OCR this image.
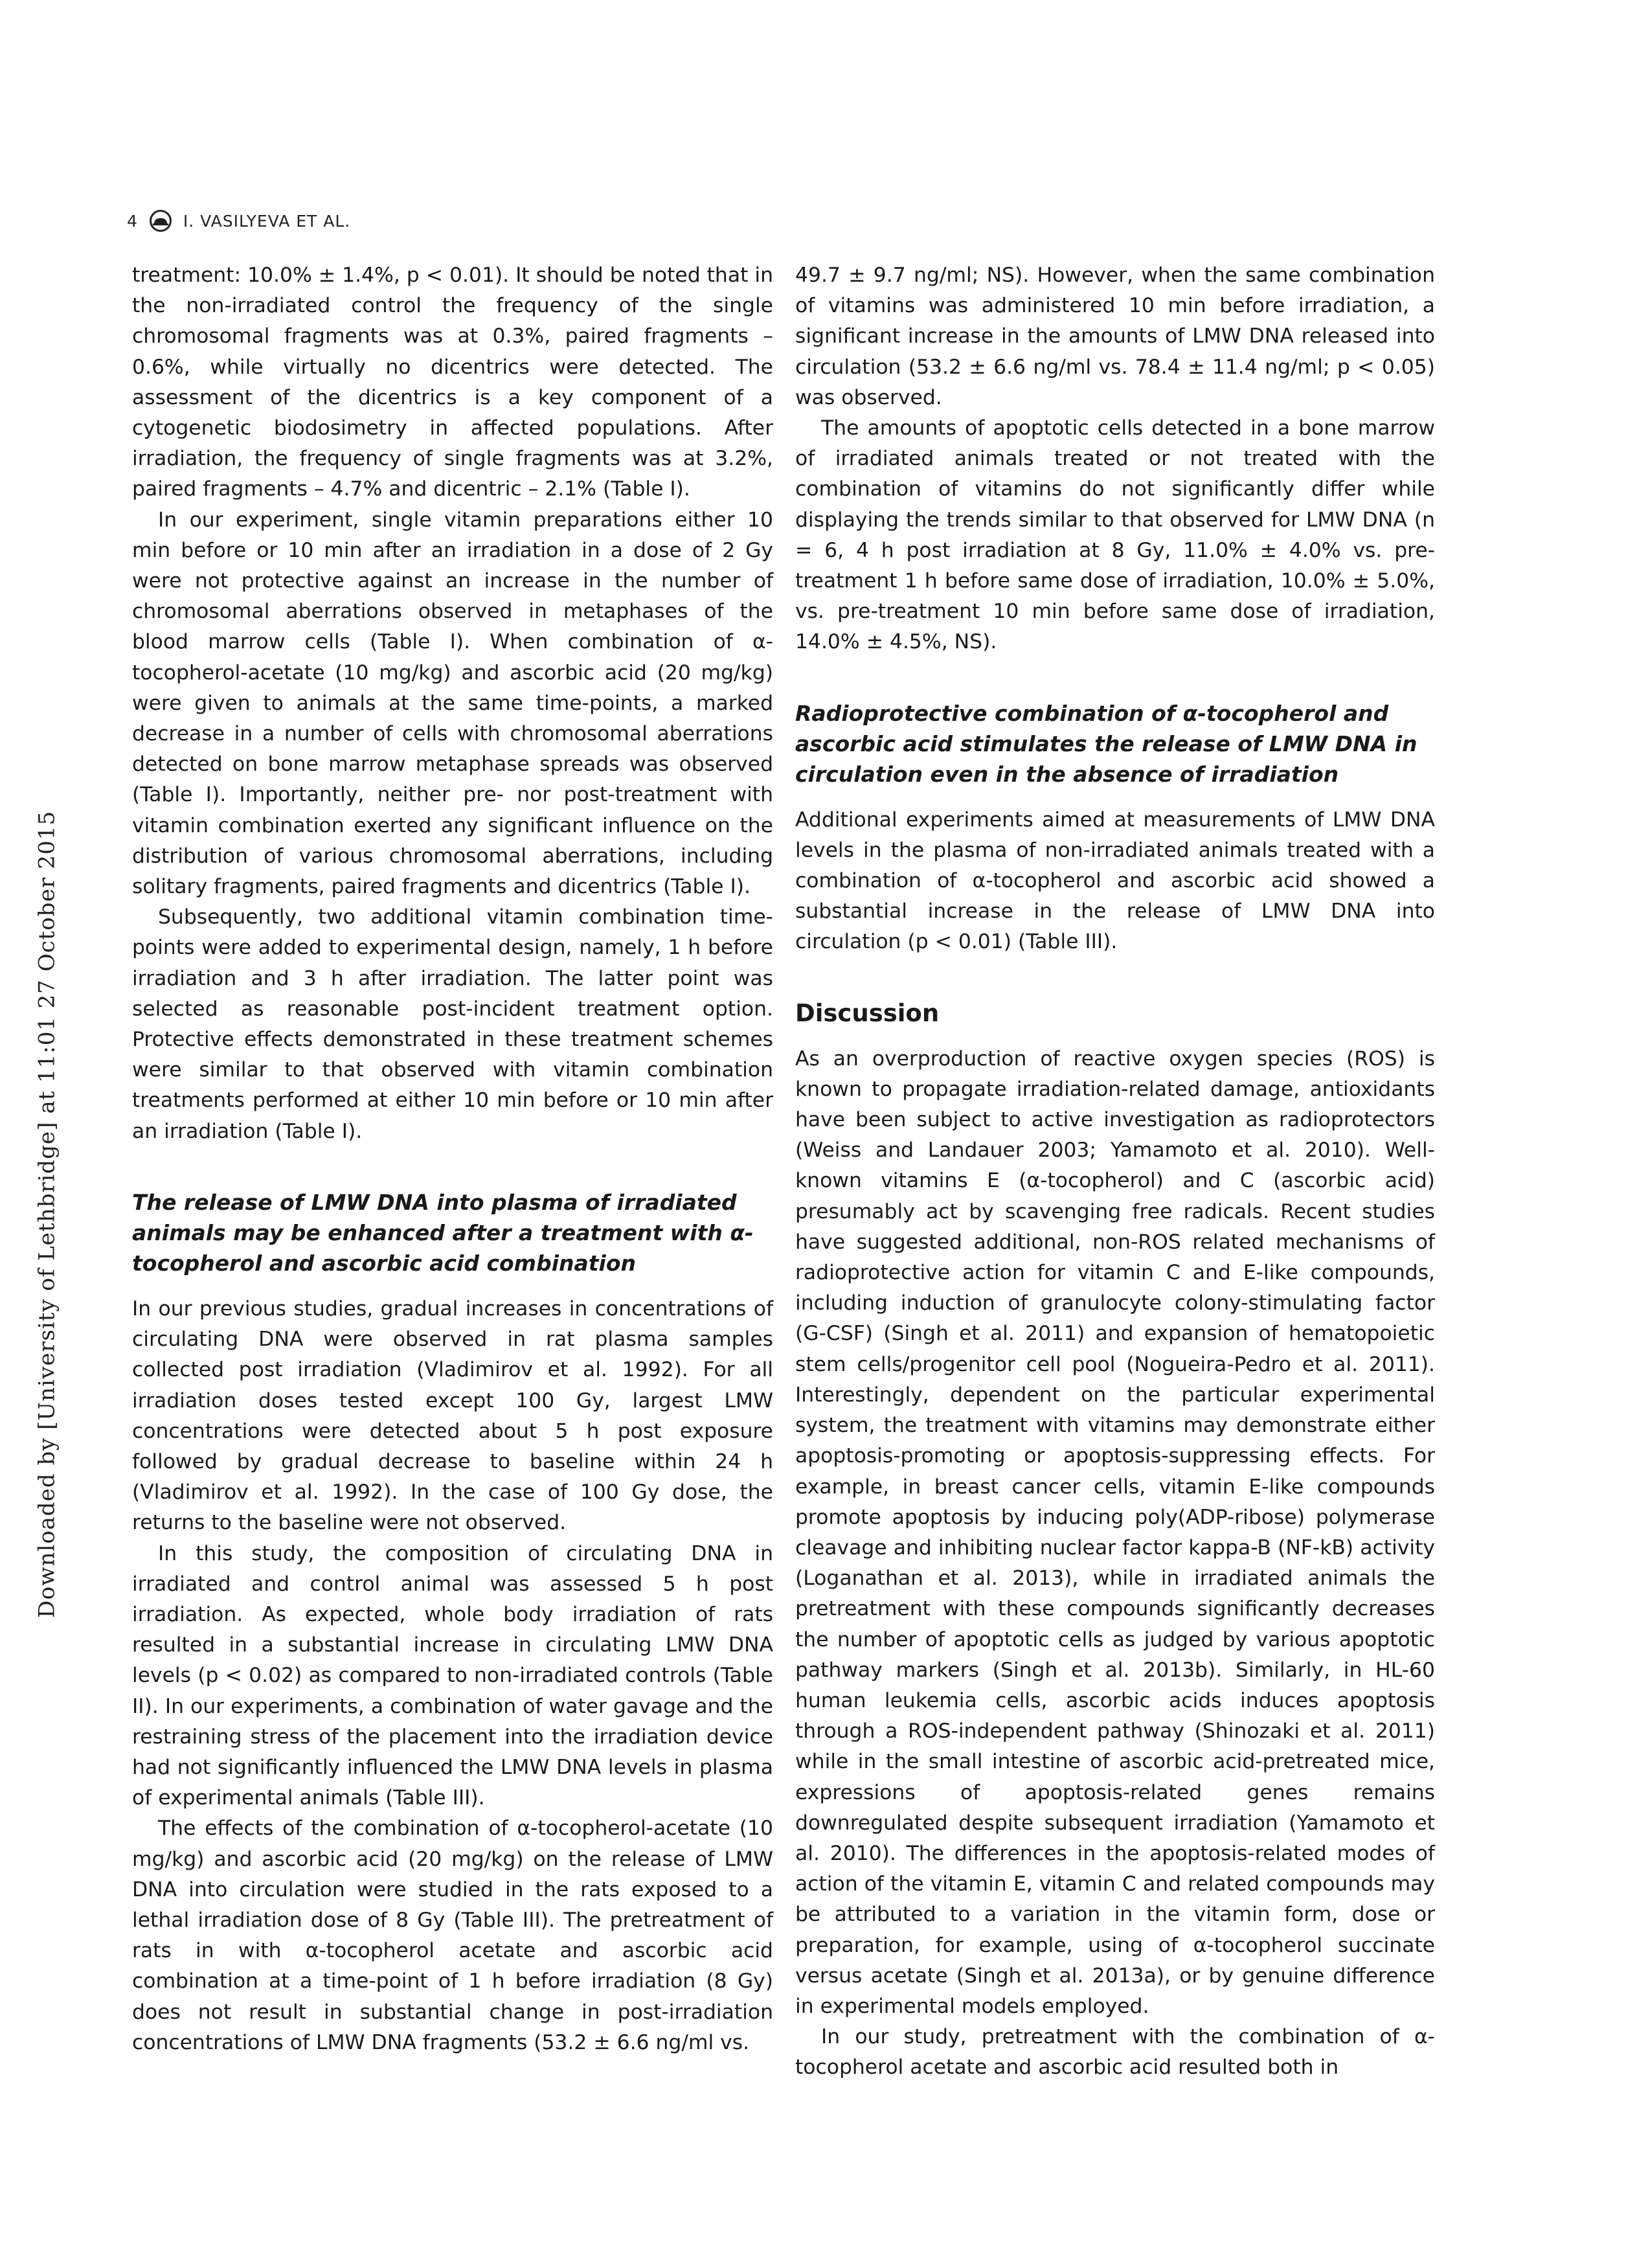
4	I. VASILYEVA ET AL.
Downloaded by [University of Lethbridge] at 11:01 27 October 2015

treatment: 10.0% ± 1.4%, p < 0.01). It should be noted that in the non-irradiated control the frequency of the single chromosomal fragments was at 0.3%, paired fragments – 0.6%, while virtually no dicentrics were detected. The assessment of the dicentrics is a key component of a cytogenetic biodosimetry in affected populations. After irradiation, the frequency of single fragments was at 3.2%, paired fragments – 4.7% and dicentric – 2.1% (Table I).

In our experiment, single vitamin preparations either 10 min before or 10 min after an irradiation in a dose of 2 Gy were not protective against an increase in the number of chromosomal aberrations observed in metaphases of the blood marrow cells (Table I). When combination of α-tocopherol-acetate (10 mg/kg) and ascorbic acid (20 mg/kg) were given to animals at the same time-points, a marked decrease in a number of cells with chromosomal aberrations detected on bone marrow metaphase spreads was observed (Table I). Importantly, neither pre- nor post-treatment with vitamin combination exerted any significant influence on the distribution of various chromosomal aberrations, including solitary fragments, paired fragments and dicentrics (Table I).

Subsequently, two additional vitamin combination time-points were added to experimental design, namely, 1 h before irradiation and 3 h after irradiation. The latter point was selected as reasonable post-incident treatment option. Protective effects demonstrated in these treatment schemes were similar to that observed with vitamin combination treatments performed at either 10 min before or 10 min after an irradiation (Table I).

The release of LMW DNA into plasma of irradiated animals may be enhanced after a treatment with α-tocopherol and ascorbic acid combination

In our previous studies, gradual increases in concentrations of circulating DNA were observed in rat plasma samples collected post irradiation (Vladimirov et al. 1992). For all irradiation doses tested except 100 Gy, largest LMW concentrations were detected about 5 h post exposure followed by gradual decrease to baseline within 24 h (Vladimirov et al. 1992). In the case of 100 Gy dose, the returns to the baseline were not observed.

In this study, the composition of circulating DNA in irradiated and control animal was assessed 5 h post irradiation. As expected, whole body irradiation of rats resulted in a substantial increase in circulating LMW DNA levels (p < 0.02) as compared to non-irradiated controls (Table II). In our experiments, a combination of water gavage and the restraining stress of the placement into the irradiation device had not significantly influenced the LMW DNA levels in plasma of experimental animals (Table III).

The effects of the combination of α-tocopherol-acetate (10 mg/kg) and ascorbic acid (20 mg/kg) on the release of LMW DNA into circulation were studied in the rats exposed to a lethal irradiation dose of 8 Gy (Table III). The pretreatment of rats in with α-tocopherol acetate and ascorbic acid combination at a time-point of 1 h before irradiation (8 Gy) does not result in substantial change in post-irradiation concentrations of LMW DNA fragments (53.2 ± 6.6 ng/ml vs.

49.7 ± 9.7 ng/ml; NS). However, when the same combination of vitamins was administered 10 min before irradiation, a significant increase in the amounts of LMW DNA released into circulation (53.2 ± 6.6 ng/ml vs. 78.4 ± 11.4 ng/ml; p < 0.05) was observed.

The amounts of apoptotic cells detected in a bone marrow of irradiated animals treated or not treated with the combination of vitamins do not significantly differ while displaying the trends similar to that observed for LMW DNA (n = 6, 4 h post irradiation at 8 Gy, 11.0% ± 4.0% vs. pre-treatment 1 h before same dose of irradiation, 10.0% ± 5.0%, vs. pre-treatment 10 min before same dose of irradiation, 14.0% ± 4.5%, NS).

Radioprotective combination of α-tocopherol and ascorbic acid stimulates the release of LMW DNA in circulation even in the absence of irradiation

Additional experiments aimed at measurements of LMW DNA levels in the plasma of non-irradiated animals treated with a combination of α-tocopherol and ascorbic acid showed a substantial increase in the release of LMW DNA into circulation (p < 0.01) (Table III).

Discussion

As an overproduction of reactive oxygen species (ROS) is known to propagate irradiation-related damage, antioxidants have been subject to active investigation as radioprotectors (Weiss and Landauer 2003; Yamamoto et al. 2010). Well-known vitamins E (α-tocopherol) and C (ascorbic acid) presumably act by scavenging free radicals. Recent studies have suggested additional, non-ROS related mechanisms of radioprotective action for vitamin C and E-like compounds, including induction of granulocyte colony-stimulating factor (G-CSF) (Singh et al. 2011) and expansion of hematopoietic stem cells/progenitor cell pool (Nogueira-Pedro et al. 2011). Interestingly, dependent on the particular experimental system, the treatment with vitamins may demonstrate either apoptosis-promoting or apoptosis-suppressing effects. For example, in breast cancer cells, vitamin E-like compounds promote apoptosis by inducing poly(ADP-ribose) polymerase cleavage and inhibiting nuclear factor kappa-B (NF-kB) activity (Loganathan et al. 2013), while in irradiated animals the pretreatment with these compounds significantly decreases the number of apoptotic cells as judged by various apoptotic pathway markers (Singh et al. 2013b). Similarly, in HL-60 human leukemia cells, ascorbic acids induces apoptosis through a ROS-independent pathway (Shinozaki et al. 2011) while in the small intestine of ascorbic acid-pretreated mice, expressions of apoptosis-related genes remains downregulated despite subsequent irradiation (Yamamoto et al. 2010). The differences in the apoptosis-related modes of action of the vitamin E, vitamin C and related compounds may be attributed to a variation in the vitamin form, dose or preparation, for example, using of α-tocopherol succinate versus acetate (Singh et al. 2013a), or by genuine difference in experimental models employed.

In our study, pretreatment with the combination of α-tocopherol acetate and ascorbic acid resulted both in
